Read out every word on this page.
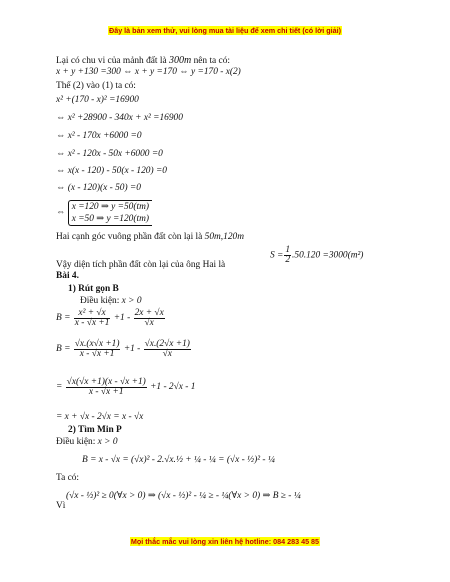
Đây là bản xem thử, vui lòng mua tài liệu để xem chi tiết (có lời giải)
Lại có chu vi của mảnh đất là 300m nên ta có:
x + y +130 =300 ⇔ x + y =170 ⇔ y =170 - x(2)
Thế (2) vào (1) ta có:
x² +(170 - x)² =16900
⇔ x² +28900 - 340x + x² =16900
⇔ x² - 170x +6000 =0
⇔ x² - 120x - 50x +6000 =0
⇔ x(x - 120) - 50(x - 120) =0
⇔ (x - 120)(x - 50) =0
⇔
x =120 ⇒ y =50(tm)
x =50 ⇒ y =120(tm)
Hai cạnh góc vuông phần đất còn lại là 50m,120m
$S = \frac{1}{2} .50.120 =3000(m^2)$
Vậy diện tích phần đất còn lại của ông Hai là
Bài 4.
1) Rút gọn B
Điều kiện: x > 0
$B = \frac{\text{x² + √x}}{x - √x +1} +1 - \frac{2x + √x}{√x}$
$B = \frac{√x.(x√x +1)}{x - √x +1} +1 - \frac{√x.(2√x +1)}{√x}$
= $\frac{√x(√x +1)(x - √x +1)}{x - √x +1} +1 - 2√x - 1$
= x + √x - 2√x = x - √x
2) Tìm Min P
Điều kiện: x > 0
B = x - √x = (√x)² - 2.√x.½ + ¼ - ¼ = (√x - ½)² - ¼
Ta có:
Vì
(√x - ½)² ≥ 0(∀x > 0) ⇒ (√x - ½)² - ¼ ≥ - ¼(∀x > 0) ⇒ B ≥ - ¼
Mọi thắc mắc vui lòng xin liên hệ hotline: 084 283 45 85
